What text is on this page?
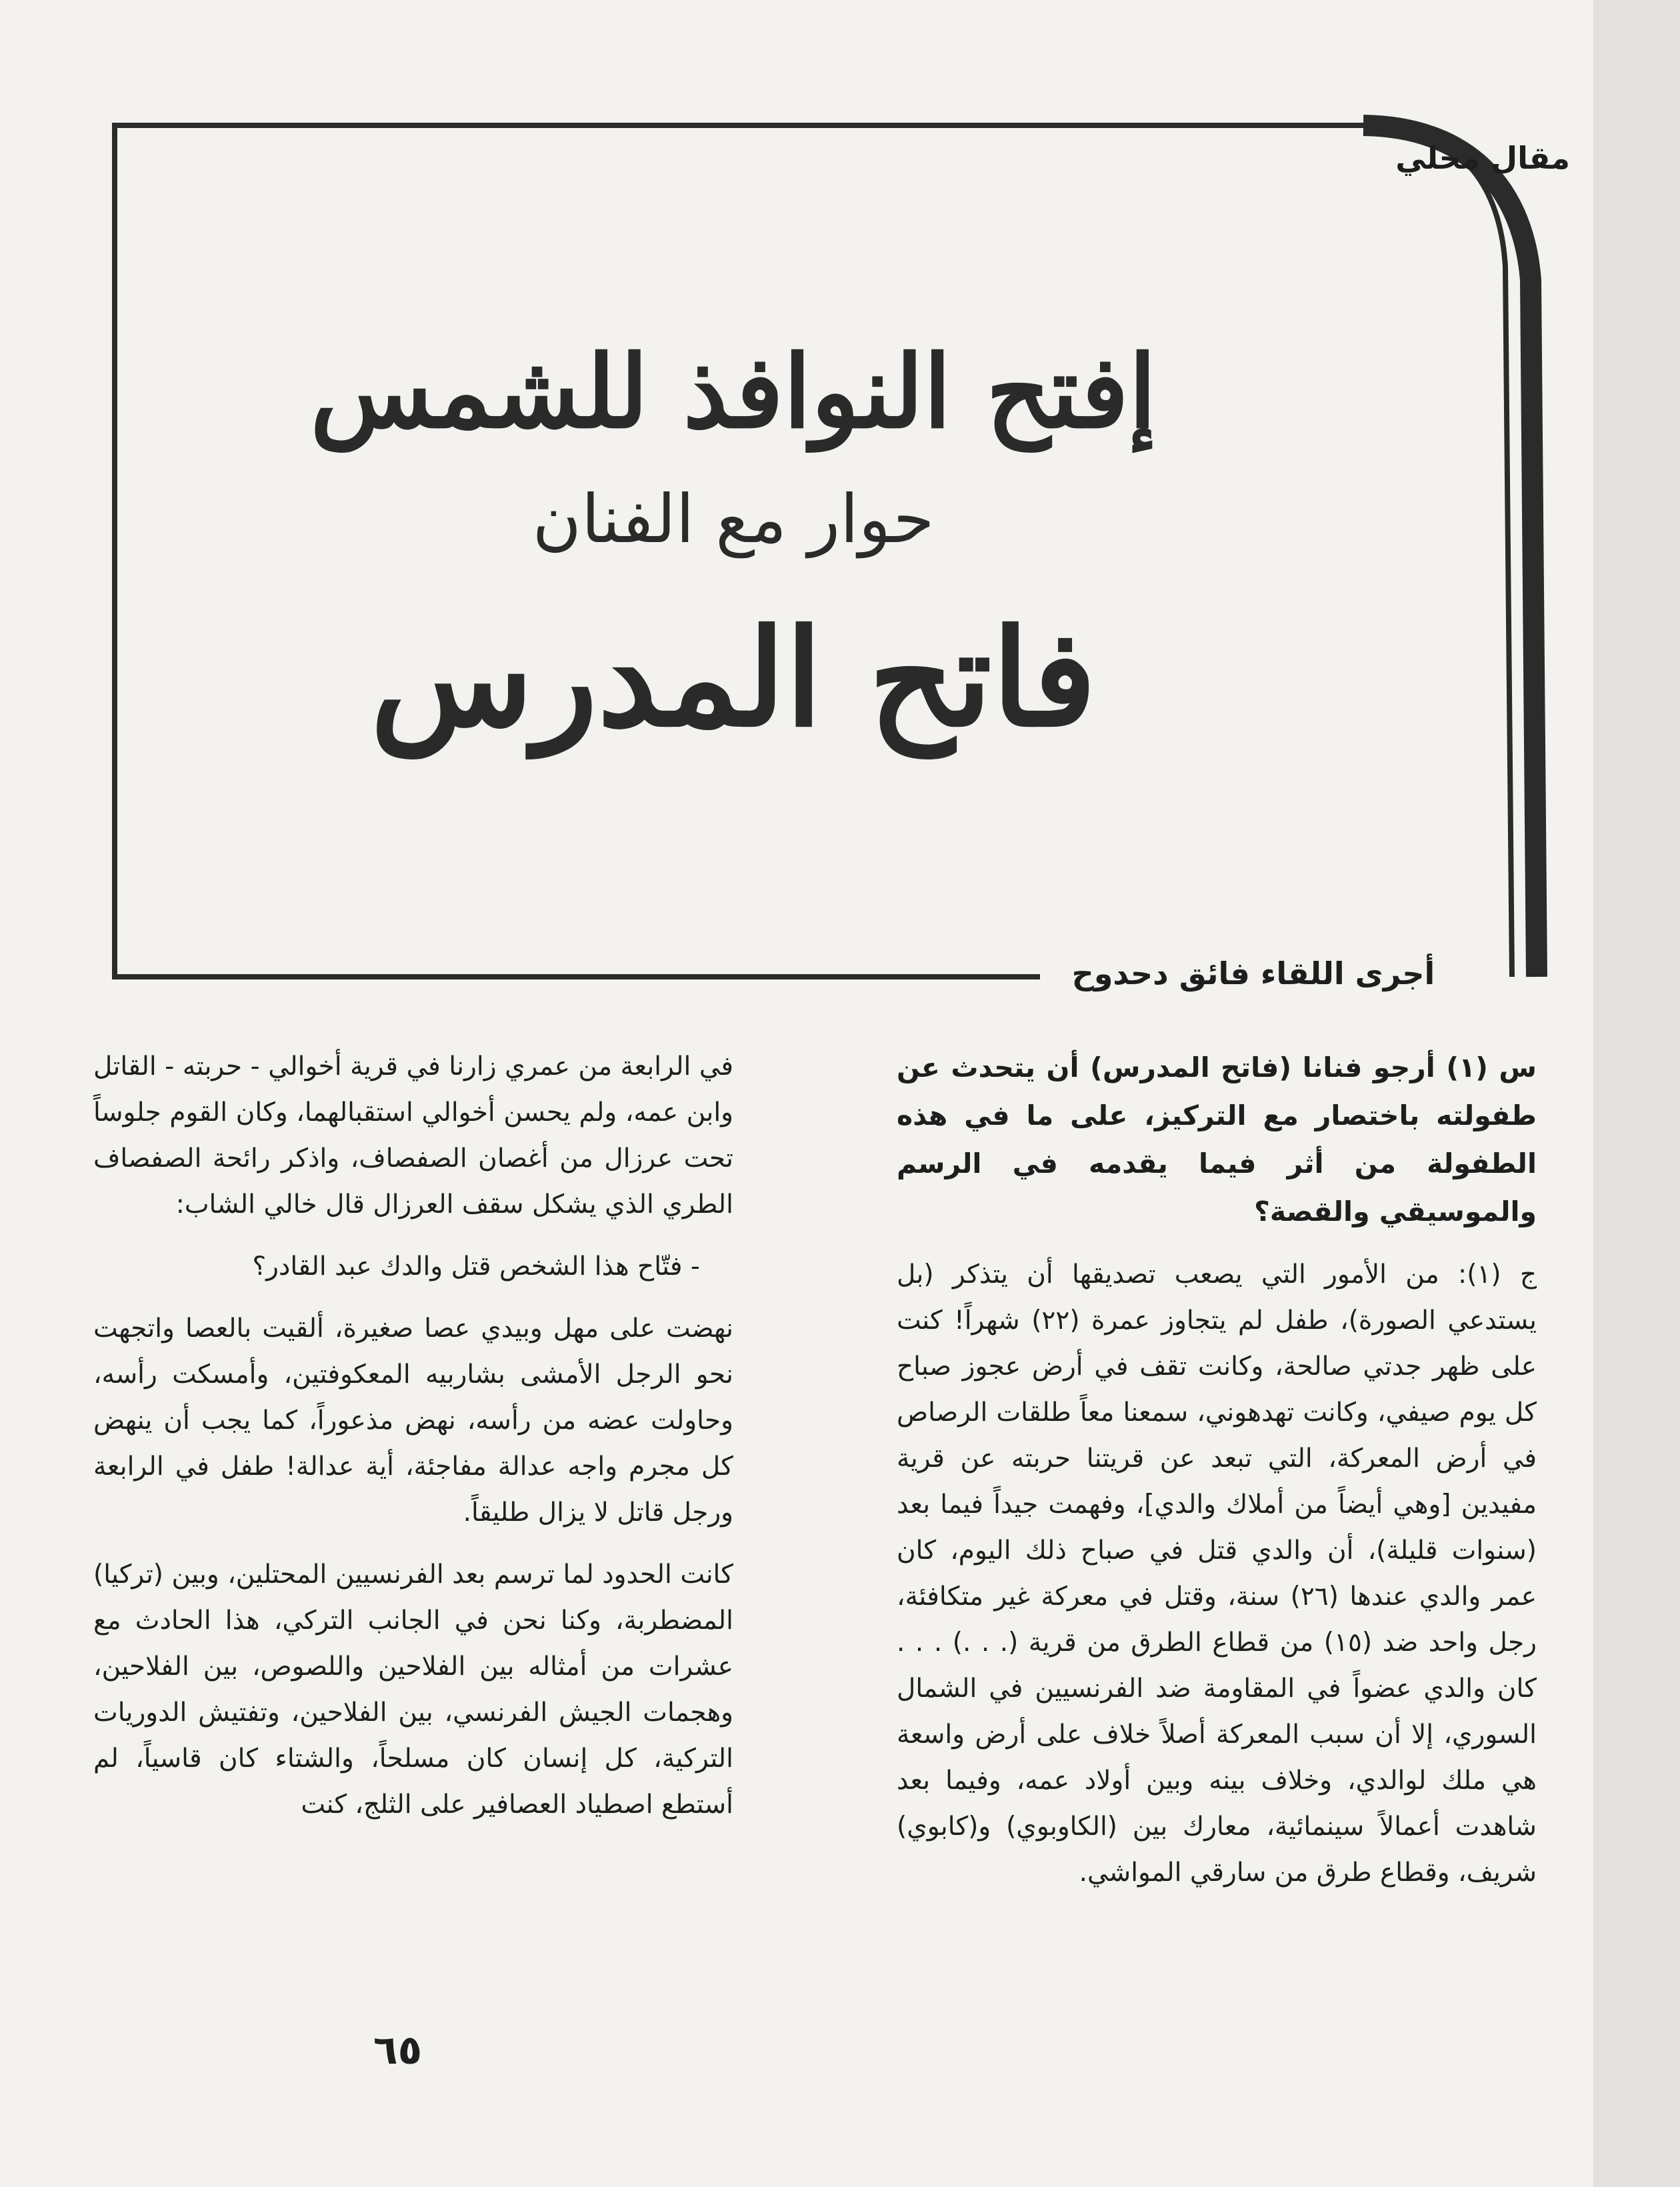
مقال محلي
إفتح النوافذ للشمس
حوار مع الفنان
فاتح المدرس
أجرى اللقاء فائق دحدوح

س (١) أرجو فنانا (فاتح المدرس) أن يتحدث عن طفولته باختصار مع التركيز، على ما في هذه الطفولة من أثر فيما يقدمه في الرسم والموسيقي والقصة؟

ج (١): من الأمور التي يصعب تصديقها أن يتذكر (بل يستدعي الصورة)، طفل لم يتجاوز عمرة (٢٢) شهراً! كنت على ظهر جدتي صالحة، وكانت تقف في أرض عجوز صباح كل يوم صيفي، وكانت تهدهوني، سمعنا معاً طلقات الرصاص في أرض المعركة، التي تبعد عن قريتنا حربته عن قرية مفيدين [وهي أيضاً من أملاك والدي]، وفهمت جيداً فيما بعد (سنوات قليلة)، أن والدي قتل في صباح ذلك اليوم، كان عمر والدي عندها (٢٦) سنة، وقتل في معركة غير متكافئة، رجل واحد ضد (١٥) من قطاع الطرق من قرية (. . .) . . . كان والدي عضواً في المقاومة ضد الفرنسيين في الشمال السوري، إلا أن سبب المعركة أصلاً خلاف على أرض واسعة هي ملك لوالدي، وخلاف بينه وبين أولاد عمه، وفيما بعد شاهدت أعمالاً سينمائية، معارك بين (الكاوبوي) و(كابوي) شريف، وقطاع طرق من سارقي المواشي.

في الرابعة من عمري زارنا في قرية أخوالي - حربته - القاتل وابن عمه، ولم يحسن أخوالي استقبالهما، وكان القوم جلوساً تحت عرزال من أغصان الصفصاف، واذكر رائحة الصفصاف الطري الذي يشكل سقف العرزال قال خالي الشاب:

- فتّاح هذا الشخص قتل والدك عبد القادر؟

نهضت على مهل وبيدي عصا صغيرة، ألقيت بالعصا واتجهت نحو الرجل الأمشى بشاربيه المعكوفتين، وأمسكت رأسه، وحاولت عضه من رأسه، نهض مذعوراً، كما يجب أن ينهض كل مجرم واجه عدالة مفاجئة، أية عدالة! طفل في الرابعة ورجل قاتل لا يزال طليقاً.

كانت الحدود لما ترسم بعد الفرنسيين المحتلين، وبين (تركيا) المضطربة، وكنا نحن في الجانب التركي، هذا الحادث مع عشرات من أمثاله بين الفلاحين واللصوص، بين الفلاحين، وهجمات الجيش الفرنسي، بين الفلاحين، وتفتيش الدوريات التركية، كل إنسان كان مسلحاً، والشتاء كان قاسياً، لم أستطع اصطياد العصافير على الثلج، كنت

٦٥
